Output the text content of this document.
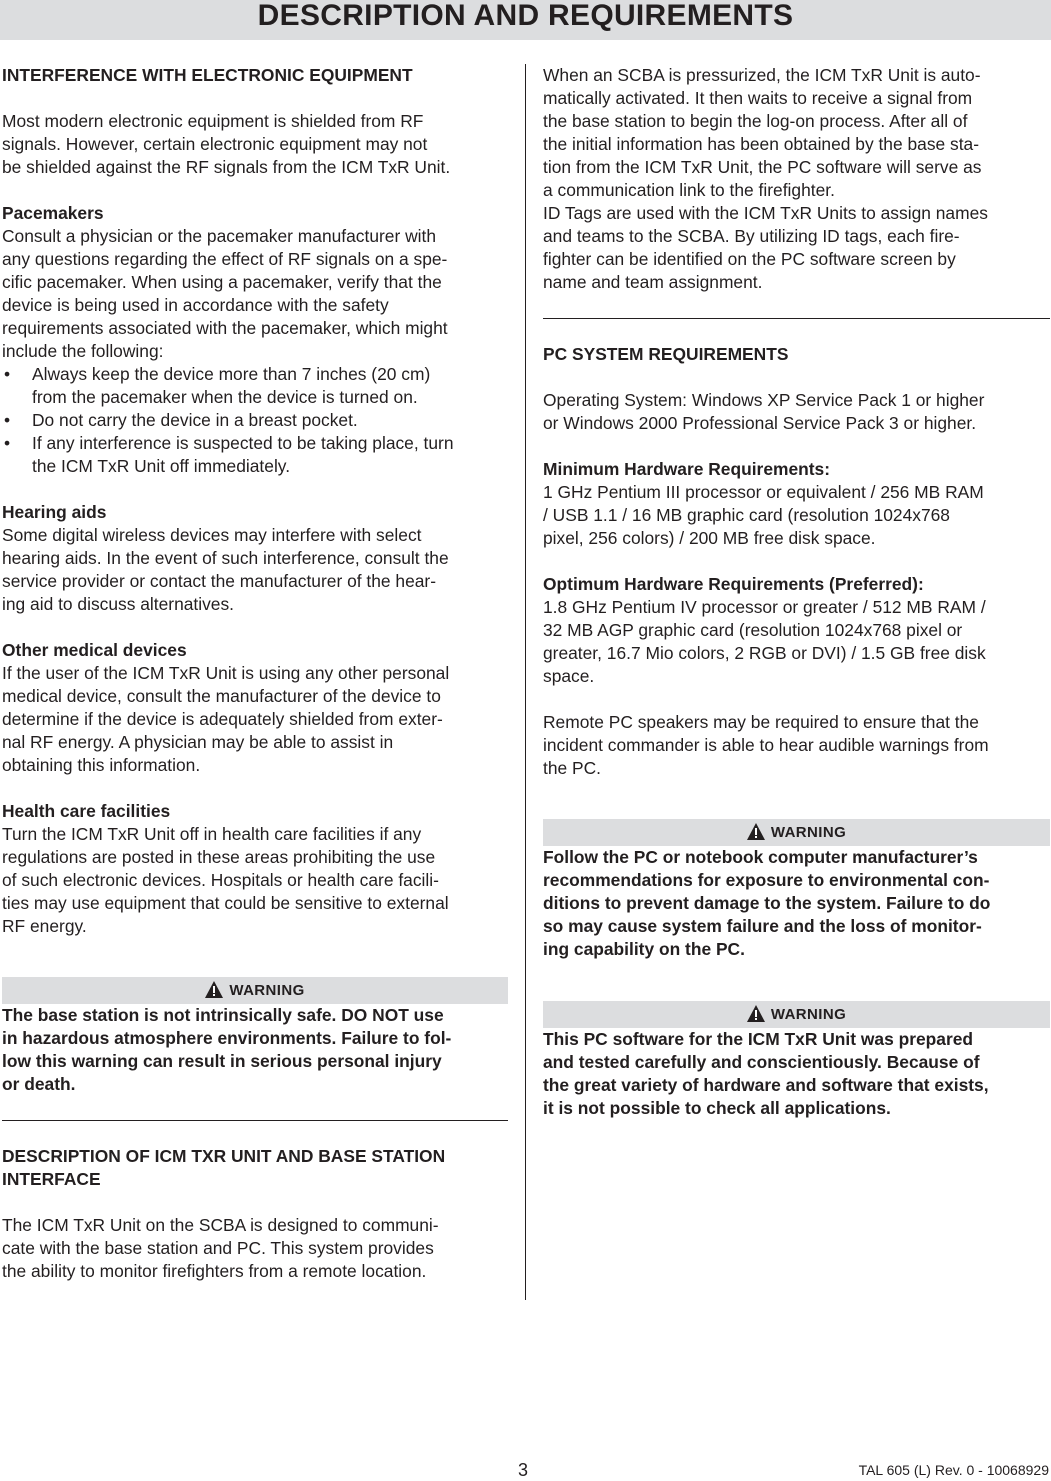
DESCRIPTION AND REQUIREMENTS

INTERFERENCE WITH ELECTRONIC EQUIPMENT

Most modern electronic equipment is shielded from RF

signals. However, certain electronic equipment may not

be shielded against the RF signals from the ICM TxR Unit.

Pacemakers

Consult a physician or the pacemaker manufacturer with

any questions regarding the effect of RF signals on a spe-

cific pacemaker. When using a pacemaker, verify that the

device is being used in accordance with the safety

requirements associated with the pacemaker, which might

include the following:

• Always keep the device more than 7 inches (20 cm)
from the pacemaker when the device is turned on.
• Do not carry the device in a breast pocket.
• If any interference is suspected to be taking place, turn
the ICM TxR Unit off immediately.

Hearing aids

Some digital wireless devices may interfere with select

hearing aids. In the event of such interference, consult the

service provider or contact the manufacturer of the hear-

ing aid to discuss alternatives.

Other medical devices

If the user of the ICM TxR Unit is using any other personal

medical device, consult the manufacturer of the device to

determine if the device is adequately shielded from exter-

nal RF energy. A physician may be able to assist in

obtaining this information.

Health care facilities

Turn the ICM TxR Unit off in health care facilities if any

regulations are posted in these areas prohibiting the use

of such electronic devices. Hospitals or health care facili-

ties may use equipment that could be sensitive to external

RF energy.

WARNING

The base station is not intrinsically safe. DO NOT use

in hazardous atmosphere environments. Failure to fol-

low this warning can result in serious personal injury

or death.

DESCRIPTION OF ICM TXR UNIT AND BASE STATION

INTERFACE

The ICM TxR Unit on the SCBA is designed to communi-

cate with the base station and PC. This system provides

the ability to monitor firefighters from a remote location.

When an SCBA is pressurized, the ICM TxR Unit is auto-

matically activated. It then waits to receive a signal from

the base station to begin the log-on process. After all of

the initial information has been obtained by the base sta-

tion from the ICM TxR Unit, the PC software will serve as

a communication link to the firefighter.

ID Tags are used with the ICM TxR Units to assign names

and teams to the SCBA. By utilizing ID tags, each fire-

fighter can be identified on the PC software screen by

name and team assignment.

PC SYSTEM REQUIREMENTS

Operating System: Windows XP Service Pack 1 or higher

or Windows 2000 Professional Service Pack 3 or higher.

Minimum Hardware Requirements:

1 GHz Pentium III processor or equivalent / 256 MB RAM

/ USB 1.1 / 16 MB graphic card (resolution 1024x768

pixel, 256 colors) / 200 MB free disk space.

Optimum Hardware Requirements (Preferred):

1.8 GHz Pentium IV processor or greater / 512 MB RAM /

32 MB AGP graphic card (resolution 1024x768 pixel or

greater, 16.7 Mio colors, 2 RGB or DVI) / 1.5 GB free disk

space.

Remote PC speakers may be required to ensure that the

incident commander is able to hear audible warnings from

the PC.

WARNING

Follow the PC or notebook computer manufacturer’s

recommendations for exposure to environmental con-

ditions to prevent damage to the system. Failure to do

so may cause system failure and the loss of monitor-

ing capability on the PC.

WARNING

This PC software for the ICM TxR Unit was prepared

and tested carefully and conscientiously. Because of

the great variety of hardware and software that exists,

it is not possible to check all applications.

3	TAL 605 (L) Rev. 0 - 10068929
